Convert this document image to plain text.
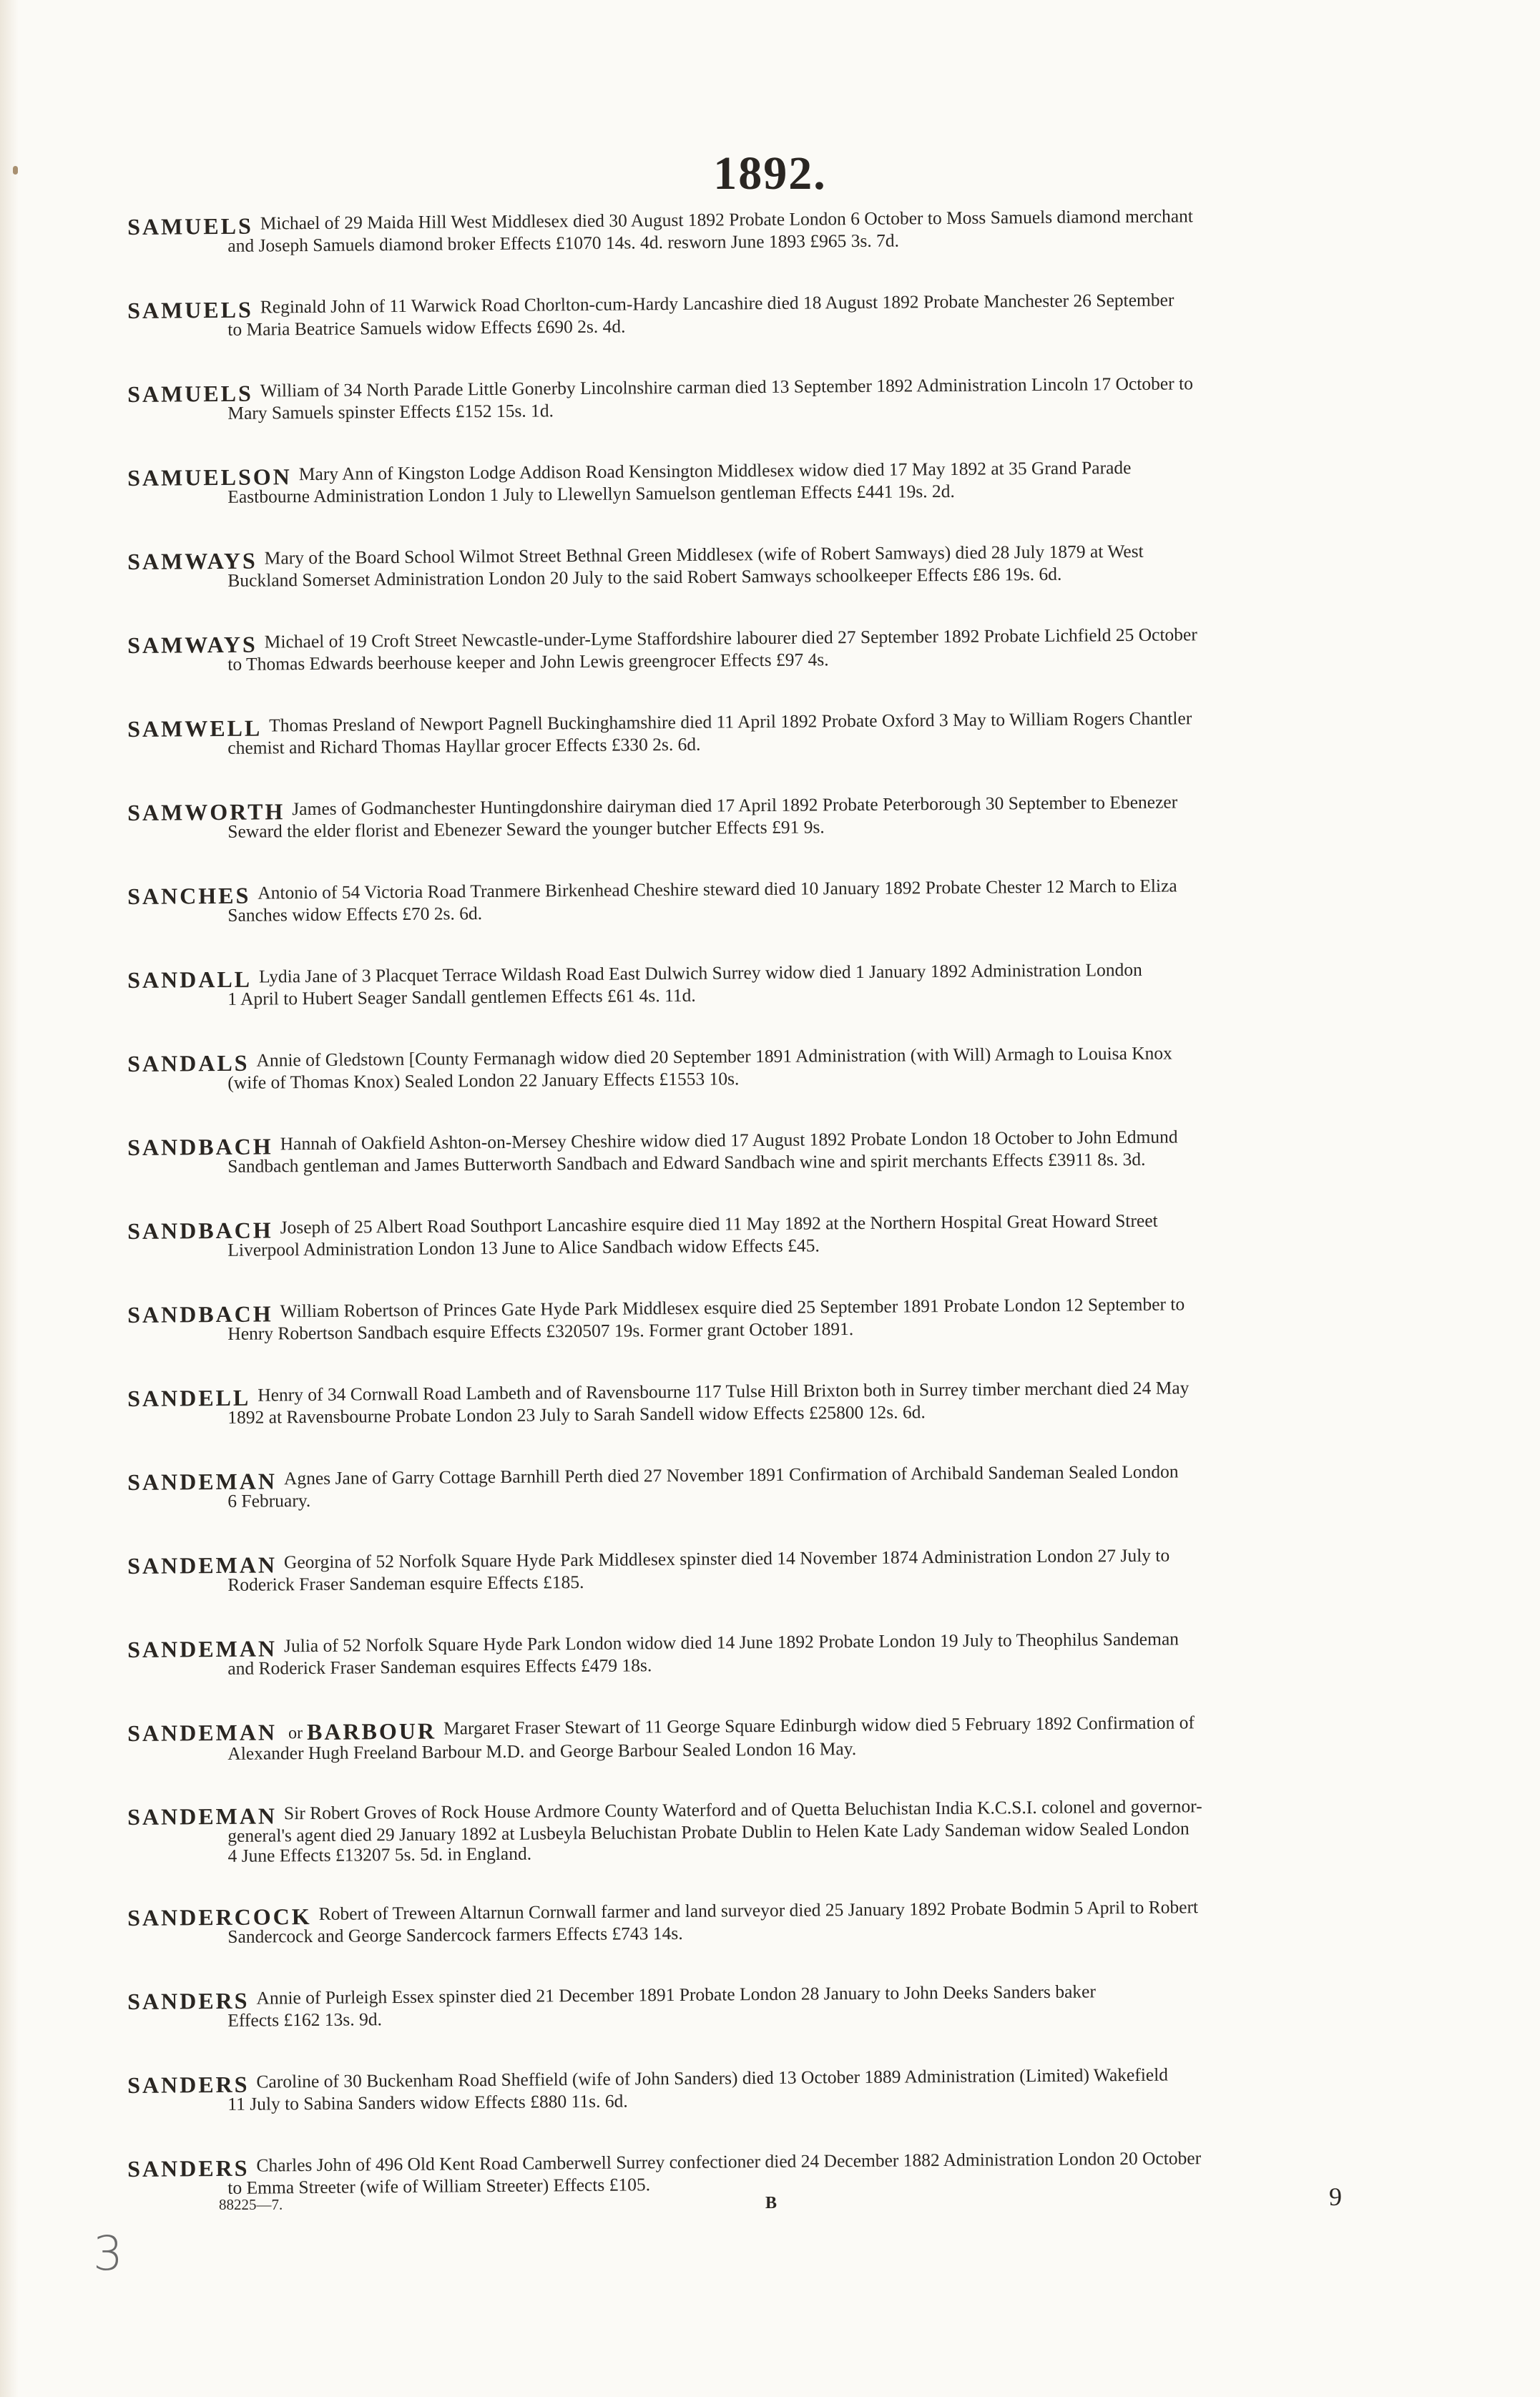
1892.
SAMUELS Michael of 29 Maida Hill West Middlesex died 30 August 1892 Probate London 6 October to Moss Samuels diamond merchant
and Joseph Samuels diamond broker Effects £1070 14s. 4d. resworn June 1893 £965 3s. 7d.
SAMUELS Reginald John of 11 Warwick Road Chorlton-cum-Hardy Lancashire died 18 August 1892 Probate Manchester 26 September
to Maria Beatrice Samuels widow Effects £690 2s. 4d.
SAMUELS William of 34 North Parade Little Gonerby Lincolnshire carman died 13 September 1892 Administration Lincoln 17 October to
Mary Samuels spinster Effects £152 15s. 1d.
SAMUELSON Mary Ann of Kingston Lodge Addison Road Kensington Middlesex widow died 17 May 1892 at 35 Grand Parade
Eastbourne Administration London 1 July to Llewellyn Samuelson gentleman Effects £441 19s. 2d.
SAMWAYS Mary of the Board School Wilmot Street Bethnal Green Middlesex (wife of Robert Samways) died 28 July 1879 at West
Buckland Somerset Administration London 20 July to the said Robert Samways schoolkeeper Effects £86 19s. 6d.
SAMWAYS Michael of 19 Croft Street Newcastle-under-Lyme Staffordshire labourer died 27 September 1892 Probate Lichfield 25 October
to Thomas Edwards beerhouse keeper and John Lewis greengrocer Effects £97 4s.
SAMWELL Thomas Presland of Newport Pagnell Buckinghamshire died 11 April 1892 Probate Oxford 3 May to William Rogers Chantler
chemist and Richard Thomas Hayllar grocer Effects £330 2s. 6d.
SAMWORTH James of Godmanchester Huntingdonshire dairyman died 17 April 1892 Probate Peterborough 30 September to Ebenezer
Seward the elder florist and Ebenezer Seward the younger butcher Effects £91 9s.
SANCHES Antonio of 54 Victoria Road Tranmere Birkenhead Cheshire steward died 10 January 1892 Probate Chester 12 March to Eliza
Sanches widow Effects £70 2s. 6d.
SANDALL Lydia Jane of 3 Placquet Terrace Wildash Road East Dulwich Surrey widow died 1 January 1892 Administration London
1 April to Hubert Seager Sandall gentlemen Effects £61 4s. 11d.
SANDALS Annie of Gledstown [County Fermanagh widow died 20 September 1891 Administration (with Will) Armagh to Louisa Knox
(wife of Thomas Knox) Sealed London 22 January Effects £1553 10s.
SANDBACH Hannah of Oakfield Ashton-on-Mersey Cheshire widow died 17 August 1892 Probate London 18 October to John Edmund
Sandbach gentleman and James Butterworth Sandbach and Edward Sandbach wine and spirit merchants Effects £3911 8s. 3d.
SANDBACH Joseph of 25 Albert Road Southport Lancashire esquire died 11 May 1892 at the Northern Hospital Great Howard Street
Liverpool Administration London 13 June to Alice Sandbach widow Effects £45.
SANDBACH William Robertson of Princes Gate Hyde Park Middlesex esquire died 25 September 1891 Probate London 12 September to
Henry Robertson Sandbach esquire Effects £320507 19s. Former grant October 1891.
SANDELL Henry of 34 Cornwall Road Lambeth and of Ravensbourne 117 Tulse Hill Brixton both in Surrey timber merchant died 24 May
1892 at Ravensbourne Probate London 23 July to Sarah Sandell widow Effects £25800 12s. 6d.
SANDEMAN Agnes Jane of Garry Cottage Barnhill Perth died 27 November 1891 Confirmation of Archibald Sandeman Sealed London
6 February.
SANDEMAN Georgina of 52 Norfolk Square Hyde Park Middlesex spinster died 14 November 1874 Administration London 27 July to
Roderick Fraser Sandeman esquire Effects £185.
SANDEMAN Julia of 52 Norfolk Square Hyde Park London widow died 14 June 1892 Probate London 19 July to Theophilus Sandeman
and Roderick Fraser Sandeman esquires Effects £479 18s.
SANDEMAN or BARBOUR Margaret Fraser Stewart of 11 George Square Edinburgh widow died 5 February 1892 Confirmation of
Alexander Hugh Freeland Barbour M.D. and George Barbour Sealed London 16 May.
SANDEMAN Sir Robert Groves of Rock House Ardmore County Waterford and of Quetta Beluchistan India K.C.S.I. colonel and governor-
general's agent died 29 January 1892 at Lusbeyla Beluchistan Probate Dublin to Helen Kate Lady Sandeman widow Sealed London
4 June Effects £13207 5s. 5d. in England.
SANDERCOCK Robert of Treween Altarnun Cornwall farmer and land surveyor died 25 January 1892 Probate Bodmin 5 April to Robert
Sandercock and George Sandercock farmers Effects £743 14s.
SANDERS Annie of Purleigh Essex spinster died 21 December 1891 Probate London 28 January to John Deeks Sanders baker
Effects £162 13s. 9d.
SANDERS Caroline of 30 Buckenham Road Sheffield (wife of John Sanders) died 13 October 1889 Administration (Limited) Wakefield
11 July to Sabina Sanders widow Effects £880 11s. 6d.
SANDERS Charles John of 496 Old Kent Road Camberwell Surrey confectioner died 24 December 1882 Administration London 20 October
to Emma Streeter (wife of William Streeter) Effects £105.
88225—7.	B	9
3
